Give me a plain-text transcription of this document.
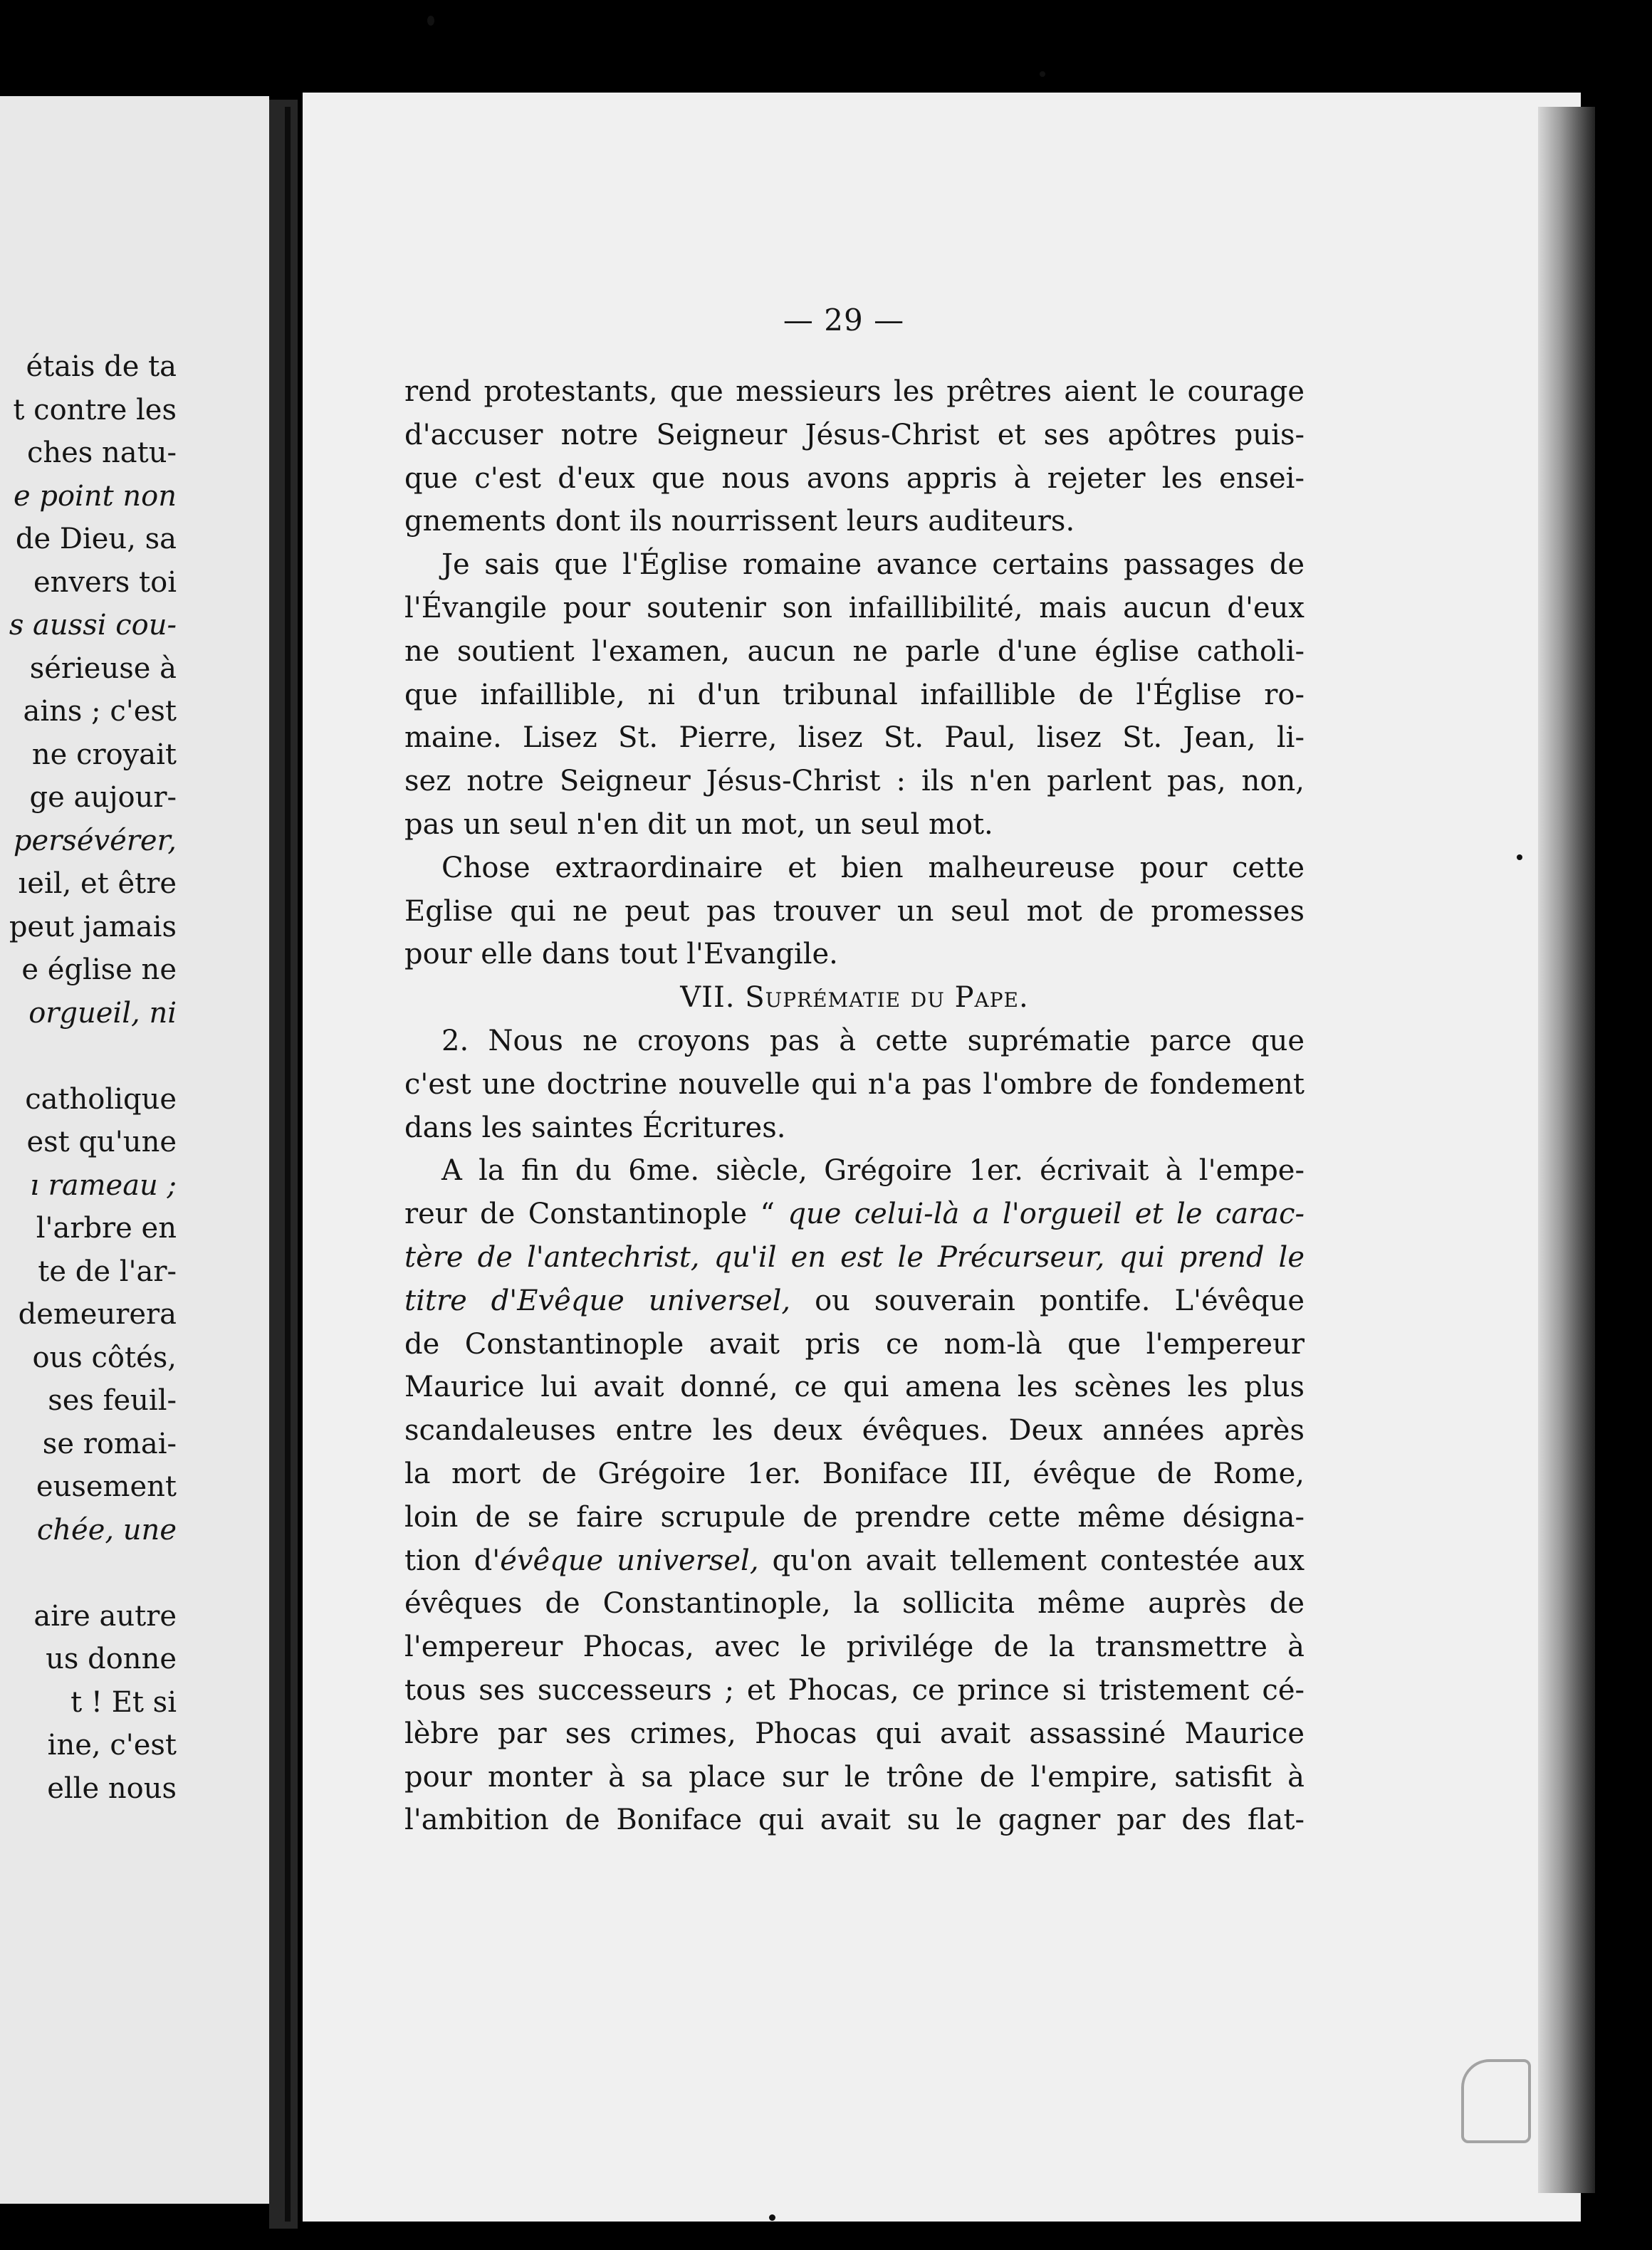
étais de ta
t contre les
ches natu-
e point non
de Dieu, sa
envers toi
s aussi cou-
sérieuse à
ains ; c'est
ne croyait
ge aujour-
persévérer,
ıeil, et être
peut jamais
e église ne
orgueil, ni
catholique
est qu'une
ı rameau ;
l'arbre en
te de l'ar-
demeurera
ous côtés,
ses feuil-
se romai-
eusement
chée, une
aire autre
us donne
t ! Et si
ine, c'est
elle nous
— 29 —
rend protestants, que messieurs les prêtres aient le courage
d'accuser notre Seigneur Jésus-Christ et ses apôtres puis-
que c'est d'eux que nous avons appris à rejeter les ensei-
gnements dont ils nourrissent leurs auditeurs.
Je sais que l'Église romaine avance certains passages de
l'Évangile pour soutenir son infaillibilité, mais aucun d'eux
ne soutient l'examen, aucun ne parle d'une église catholi-
que infaillible, ni d'un tribunal infaillible de l'Église ro-
maine. Lisez St. Pierre, lisez St. Paul, lisez St. Jean, li-
sez notre Seigneur Jésus-Christ : ils n'en parlent pas, non,
pas un seul n'en dit un mot, un seul mot.
Chose extraordinaire et bien malheureuse pour cette
Eglise qui ne peut pas trouver un seul mot de promesses
pour elle dans tout l'Evangile.
VII. Suprématie du Pape.
2. Nous ne croyons pas à cette suprématie parce que
c'est une doctrine nouvelle qui n'a pas l'ombre de fondement
dans les saintes Écritures.
A la fin du 6me. siècle, Grégoire 1er. écrivait à l'empe-
reur de Constantinople “ que celui-là a l'orgueil et le carac-
tère de l'antechrist, qu'il en est le Précurseur, qui prend le
titre d'Evêque universel, ou souverain pontife. L'évêque
de Constantinople avait pris ce nom-là que l'empereur
Maurice lui avait donné, ce qui amena les scènes les plus
scandaleuses entre les deux évêques. Deux années après
la mort de Grégoire 1er. Boniface III, évêque de Rome,
loin de se faire scrupule de prendre cette même désigna-
tion d'évêque universel, qu'on avait tellement contestée aux
évêques de Constantinople, la sollicita même auprès de
l'empereur Phocas, avec le privilége de la transmettre à
tous ses successeurs ; et Phocas, ce prince si tristement cé-
lèbre par ses crimes, Phocas qui avait assassiné Maurice
pour monter à sa place sur le trône de l'empire, satisfit à
l'ambition de Boniface qui avait su le gagner par des flat-
